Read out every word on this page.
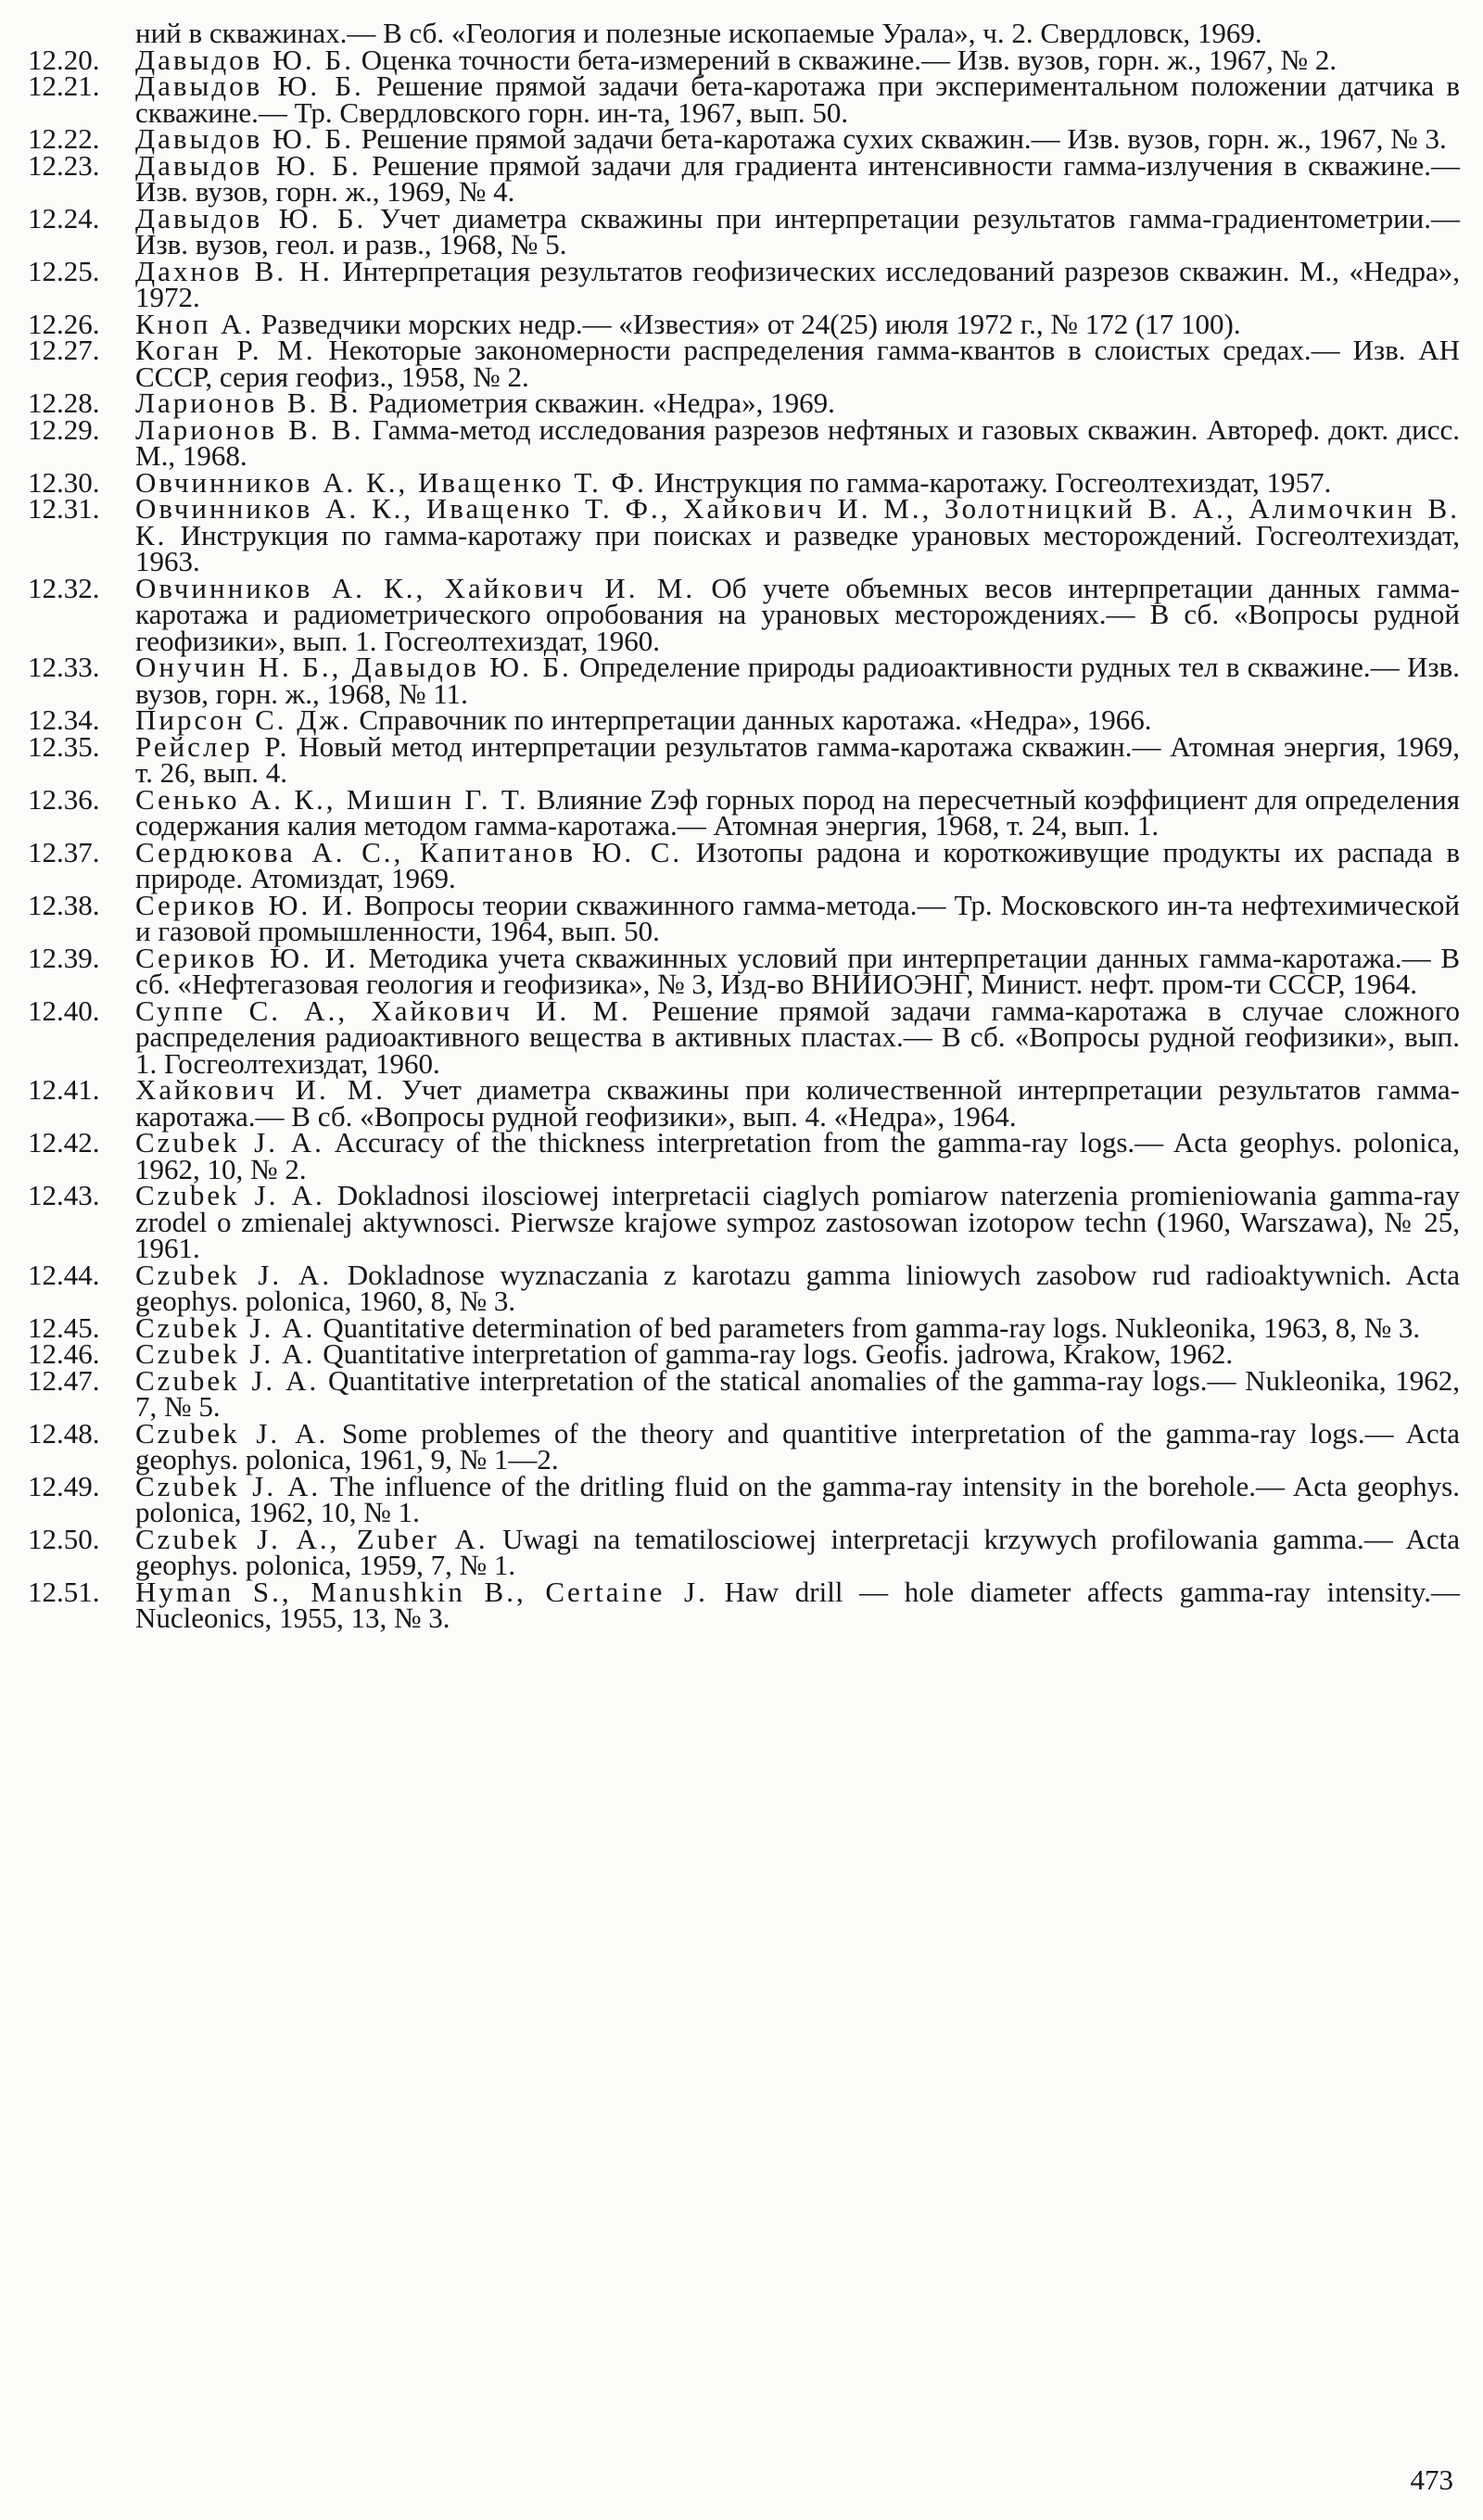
ний в скважинах.— В сб. «Геология и полезные ископаемые Урала», ч. 2. Свердловск, 1969.
12.20.	Давыдов Ю. Б. Оценка точности бета-измерений в скважине.— Изв. вузов, горн. ж., 1967, № 2.
12.21.	Давыдов Ю. Б. Решение прямой задачи бета-каротажа при экспериментальном положении датчика в скважине.— Тр. Свердловского горн. ин-та, 1967, вып. 50.
12.22.	Давыдов Ю. Б. Решение прямой задачи бета-каротажа сухих скважин.— Изв. вузов, горн. ж., 1967, № 3.
12.23.	Давыдов Ю. Б. Решение прямой задачи для градиента интенсивности гамма-излучения в скважине.— Изв. вузов, горн. ж., 1969, № 4.
12.24.	Давыдов Ю. Б. Учет диаметра скважины при интерпретации результатов гамма-градиентометрии.— Изв. вузов, геол. и разв., 1968, № 5.
12.25.	Дахнов В. Н. Интерпретация результатов геофизических исследований разрезов скважин. М., «Недра», 1972.
12.26.	Кноп А. Разведчики морских недр.— «Известия» от 24(25) июля 1972 г., № 172 (17 100).
12.27.	Коган Р. М. Некоторые закономерности распределения гамма-квантов в слоистых средах.— Изв. АН СССР, серия геофиз., 1958, № 2.
12.28.	Ларионов В. В. Радиометрия скважин. «Недра», 1969.
12.29.	Ларионов В. В. Гамма-метод исследования разрезов нефтяных и газовых скважин. Автореф. докт. дисс. М., 1968.
12.30.	Овчинников А. К., Иващенко Т. Ф. Инструкция по гамма-каротажу. Госгеолтехиздат, 1957.
12.31.	Овчинников А. К., Иващенко Т. Ф., Хайкович И. М., Золотницкий В. А., Алимочкин В. К. Инструкция по гамма-каротажу при поисках и разведке урановых месторождений. Госгеолтехиздат, 1963.
12.32.	Овчинников А. К., Хайкович И. М. Об учете объемных весов интерпретации данных гамма-каротажа и радиометрического опробования на урановых месторождениях.— В сб. «Вопросы рудной геофизики», вып. 1. Госгеолтехиздат, 1960.
12.33.	Онучин Н. Б., Давыдов Ю. Б. Определение природы радиоактивности рудных тел в скважине.— Изв. вузов, горн. ж., 1968, № 11.
12.34.	Пирсон С. Дж. Справочник по интерпретации данных каротажа. «Недра», 1966.
12.35.	Рейслер Р. Новый метод интерпретации результатов гамма-каротажа скважин.— Атомная энергия, 1969, т. 26, вып. 4.
12.36.	Сенько А. К., Мишин Г. Т. Влияние Zэф горных пород на пересчетный коэффициент для определения содержания калия методом гамма-каротажа.— Атомная энергия, 1968, т. 24, вып. 1.
12.37.	Сердюкова А. С., Капитанов Ю. С. Изотопы радона и короткоживущие продукты их распада в природе. Атомиздат, 1969.
12.38.	Сериков Ю. И. Вопросы теории скважинного гамма-метода.— Тр. Московского ин-та нефтехимической и газовой промышленности, 1964, вып. 50.
12.39.	Сериков Ю. И. Методика учета скважинных условий при интерпретации данных гамма-каротажа.— В сб. «Нефтегазовая геология и геофизика», № 3, Изд-во ВНИИОЭНГ, Минист. нефт. пром-ти СССР, 1964.
12.40.	Суппе С. А., Хайкович И. М. Решение прямой задачи гамма-каротажа в случае сложного распределения радиоактивного вещества в активных пластах.— В сб. «Вопросы рудной геофизики», вып. 1. Госгеолтехиздат, 1960.
12.41.	Хайкович И. М. Учет диаметра скважины при количественной интерпретации результатов гамма-каротажа.— В сб. «Вопросы рудной геофизики», вып. 4. «Недра», 1964.
12.42.	Czubek J. A. Accuracy of the thickness interpretation from the gamma-ray logs.— Acta geophys. polonica, 1962, 10, № 2.
12.43.	Czubek J. A. Dokladnosi ilosciowej interpretacii ciaglych pomiarow naterzenia promieniowania gamma-ray zrodel o zmienalej aktywnosci. Pierwsze krajowe sympoz zastosowan izotopow techn (1960, Warszawa), № 25, 1961.
12.44.	Czubek J. A. Dokladnose wyznaczania z karotazu gamma liniowych zasobow rud radioaktywnich. Acta geophys. polonica, 1960, 8, № 3.
12.45.	Czubek J. A. Quantitative determination of bed parameters from gamma-ray logs. Nukleonika, 1963, 8, № 3.
12.46.	Czubek J. A. Quantitative interpretation of gamma-ray logs. Geofis. jadrowa, Krakow, 1962.
12.47.	Czubek J. A. Quantitative interpretation of the statical anomalies of the gamma-ray logs.— Nukleonika, 1962, 7, № 5.
12.48.	Czubek J. A. Some problemes of the theory and quantitive interpretation of the gamma-ray logs.— Acta geophys. polonica, 1961, 9, № 1—2.
12.49.	Czubek J. A. The influence of the dritling fluid on the gamma-ray intensity in the borehole.— Acta geophys. polonica, 1962, 10, № 1.
12.50.	Czubek J. A., Zuber A. Uwagi na tematilosciowej interpretacji krzywych profilowania gamma.— Acta geophys. polonica, 1959, 7, № 1.
12.51.	Hyman S., Manushkin B., Certaine J. Haw drill — hole diameter affects gamma-ray intensity.— Nucleonics, 1955, 13, № 3.
473
